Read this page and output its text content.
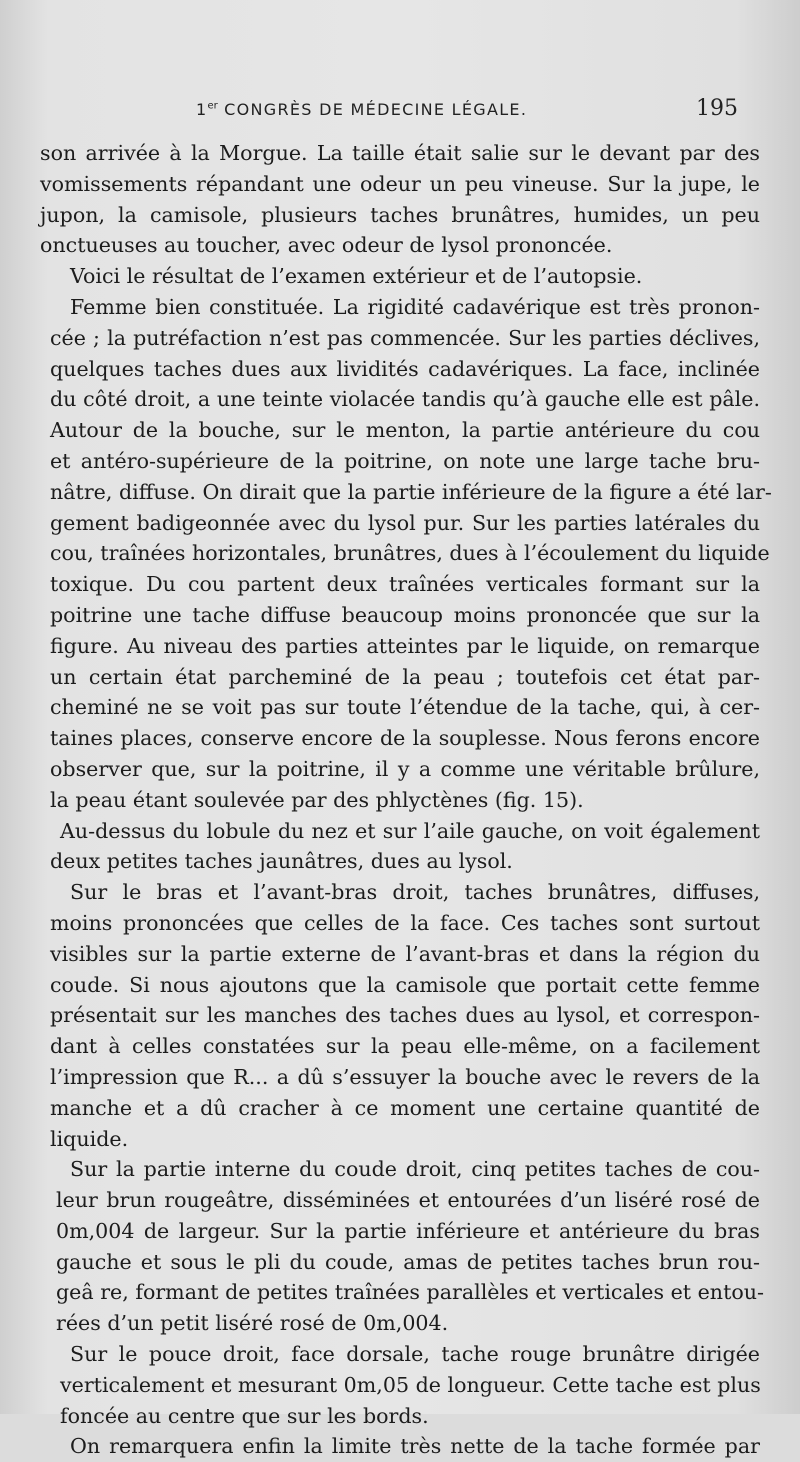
1er CONGRÈS DE MÉDECINE LÉGALE.	195
son arrivée à la Morgue. La taille était salie sur le devant par des
vomissements répandant une odeur un peu vineuse. Sur la jupe, le
jupon, la camisole, plusieurs taches brunâtres, humides, un peu
onctueuses au toucher, avec odeur de lysol prononcée.
Voici le résultat de l’examen extérieur et de l’autopsie.
Femme bien constituée. La rigidité cadavérique est très pronon-
cée ; la putréfaction n’est pas commencée. Sur les parties déclives,
quelques taches dues aux lividités cadavériques. La face, inclinée
du côté droit, a une teinte violacée tandis qu’à gauche elle est pâle.
Autour de la bouche, sur le menton, la partie antérieure du cou
et antéro-supérieure de la poitrine, on note une large tache bru-
nâtre, diffuse. On dirait que la partie inférieure de la figure a été lar-
gement badigeonnée avec du lysol pur. Sur les parties latérales du
cou, traînées horizontales, brunâtres, dues à l’écoulement du liquide
toxique. Du cou partent deux traînées verticales formant sur la
poitrine une tache diffuse beaucoup moins prononcée que sur la
figure. Au niveau des parties atteintes par le liquide, on remarque
un certain état parcheminé de la peau ; toutefois cet état par-
cheminé ne se voit pas sur toute l’étendue de la tache, qui, à cer-
taines places, conserve encore de la souplesse. Nous ferons encore
observer que, sur la poitrine, il y a comme une véritable brûlure,
la peau étant soulevée par des phlyctènes (fig. 15).
Au-dessus du lobule du nez et sur l’aile gauche, on voit également
deux petites taches jaunâtres, dues au lysol.
Sur le bras et l’avant-bras droit, taches brunâtres, diffuses,
moins prononcées que celles de la face. Ces taches sont surtout
visibles sur la partie externe de l’avant-bras et dans la région du
coude. Si nous ajoutons que la camisole que portait cette femme
présentait sur les manches des taches dues au lysol, et correspon-
dant à celles constatées sur la peau elle-même, on a facilement
l’impression que R... a dû s’essuyer la bouche avec le revers de la
manche et a dû cracher à ce moment une certaine quantité de
liquide.
Sur la partie interne du coude droit, cinq petites taches de cou-
leur brun rougeâtre, disséminées et entourées d’un liséré rosé de
0m,004 de largeur. Sur la partie inférieure et antérieure du bras
gauche et sous le pli du coude, amas de petites taches brun rou-
geâ re, formant de petites traînées parallèles et verticales et entou-
rées d’un petit liséré rosé de 0m,004.
Sur le pouce droit, face dorsale, tache rouge brunâtre dirigée
verticalement et mesurant 0m,05 de longueur. Cette tache est plus
foncée au centre que sur les bords.
On remarquera enfin la limite très nette de la tache formée par
